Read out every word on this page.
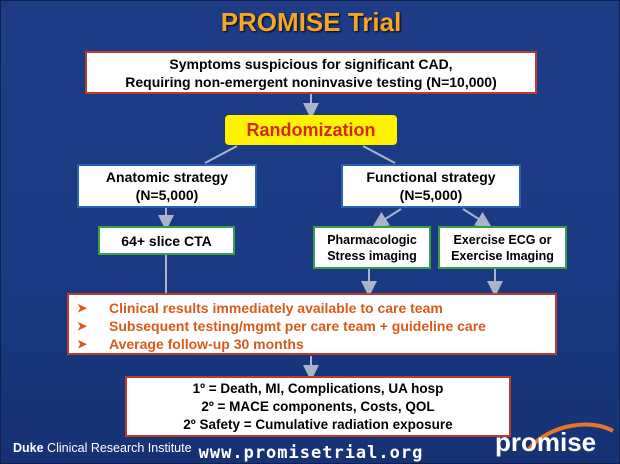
PROMISE Trial
Symptoms suspicious for significant CAD,
Requiring non-emergent noninvasive testing (N=10,000)
Randomization
Anatomic strategy
(N=5,000)
Functional strategy
(N=5,000)
64+ slice CTA	Pharmacologic
Stress imaging
Exercise ECG or
Exercise Imaging
➤	Clinical results immediately available to care team
➤	Subsequent testing/mgmt per care team + guideline care
➤	Average follow-up 30 months
1º = Death, MI, Complications, UA hosp
2º = MACE components, Costs, QOL
2º Safety = Cumulative radiation exposure
Duke Clinical Research Institute www.promisetrial.org	promise
